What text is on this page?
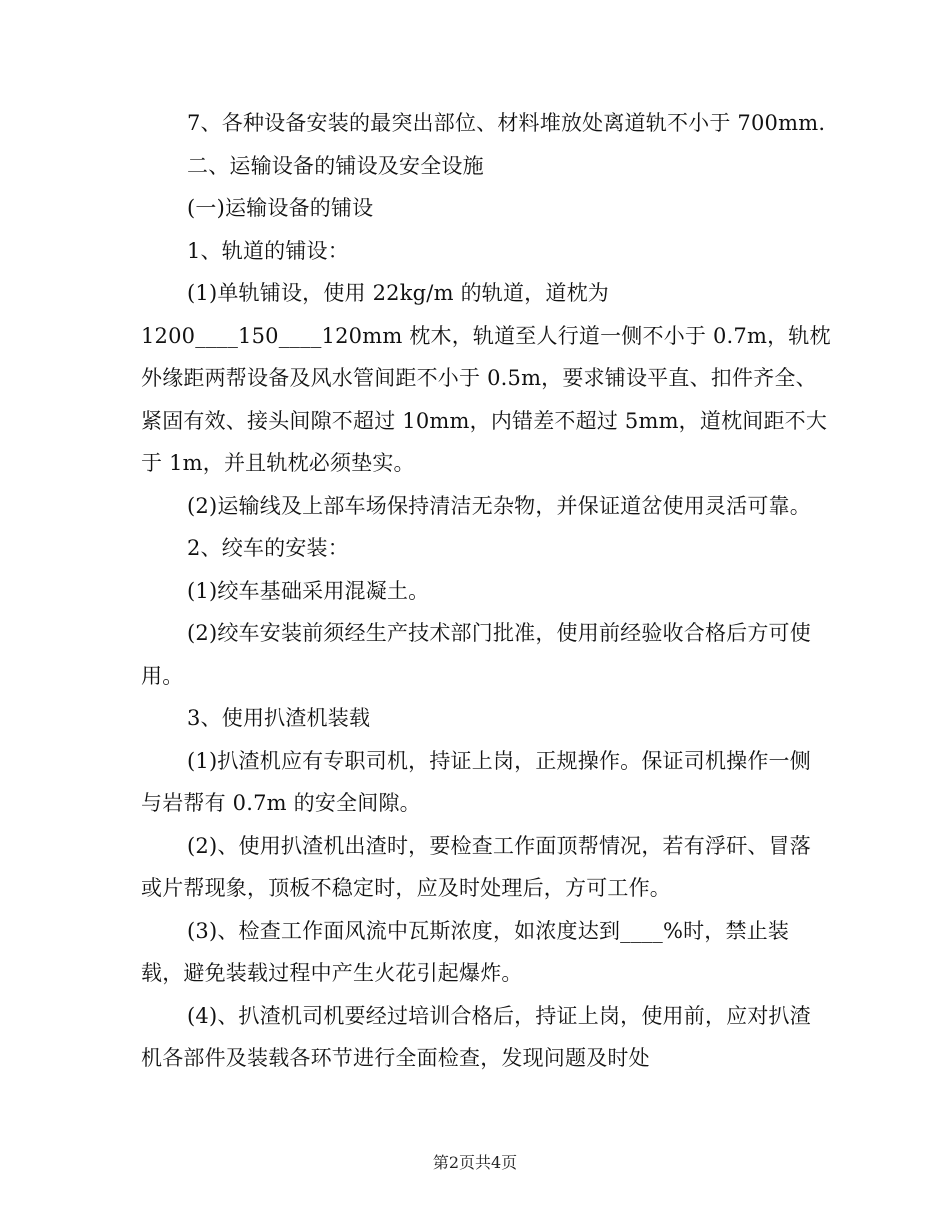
7、各种设备安装的最突出部位、材料堆放处离道轨不小于 700mm.

二、运输设备的铺设及安全设施

(一)运输设备的铺设

1、轨道的铺设：

(1)单轨铺设，使用 22kg/m 的轨道，道枕为

1200____150____120mm 枕木，轨道至人行道一侧不小于 0.7m，轨枕外缘距两帮设备及风水管间距不小于 0.5m，要求铺设平直、扣件齐全、紧固有效、接头间隙不超过 10mm，内错差不超过 5mm，道枕间距不大于 1m，并且轨枕必须垫实。

(2)运输线及上部车场保持清洁无杂物，并保证道岔使用灵活可靠。

2、绞车的安装：

(1)绞车基础采用混凝土。

(2)绞车安装前须经生产技术部门批准，使用前经验收合格后方可使用。

3、使用扒渣机装载

(1)扒渣机应有专职司机，持证上岗，正规操作。保证司机操作一侧与岩帮有 0.7m 的安全间隙。

(2)、使用扒渣机出渣时，要检查工作面顶帮情况，若有浮矸、冒落或片帮现象，顶板不稳定时，应及时处理后，方可工作。

(3)、检查工作面风流中瓦斯浓度，如浓度达到____%时，禁止装载，避免装载过程中产生火花引起爆炸。

(4)、扒渣机司机要经过培训合格后，持证上岗，使用前，应对扒渣机各部件及装载各环节进行全面检查，发现问题及时处

第2页共4页
